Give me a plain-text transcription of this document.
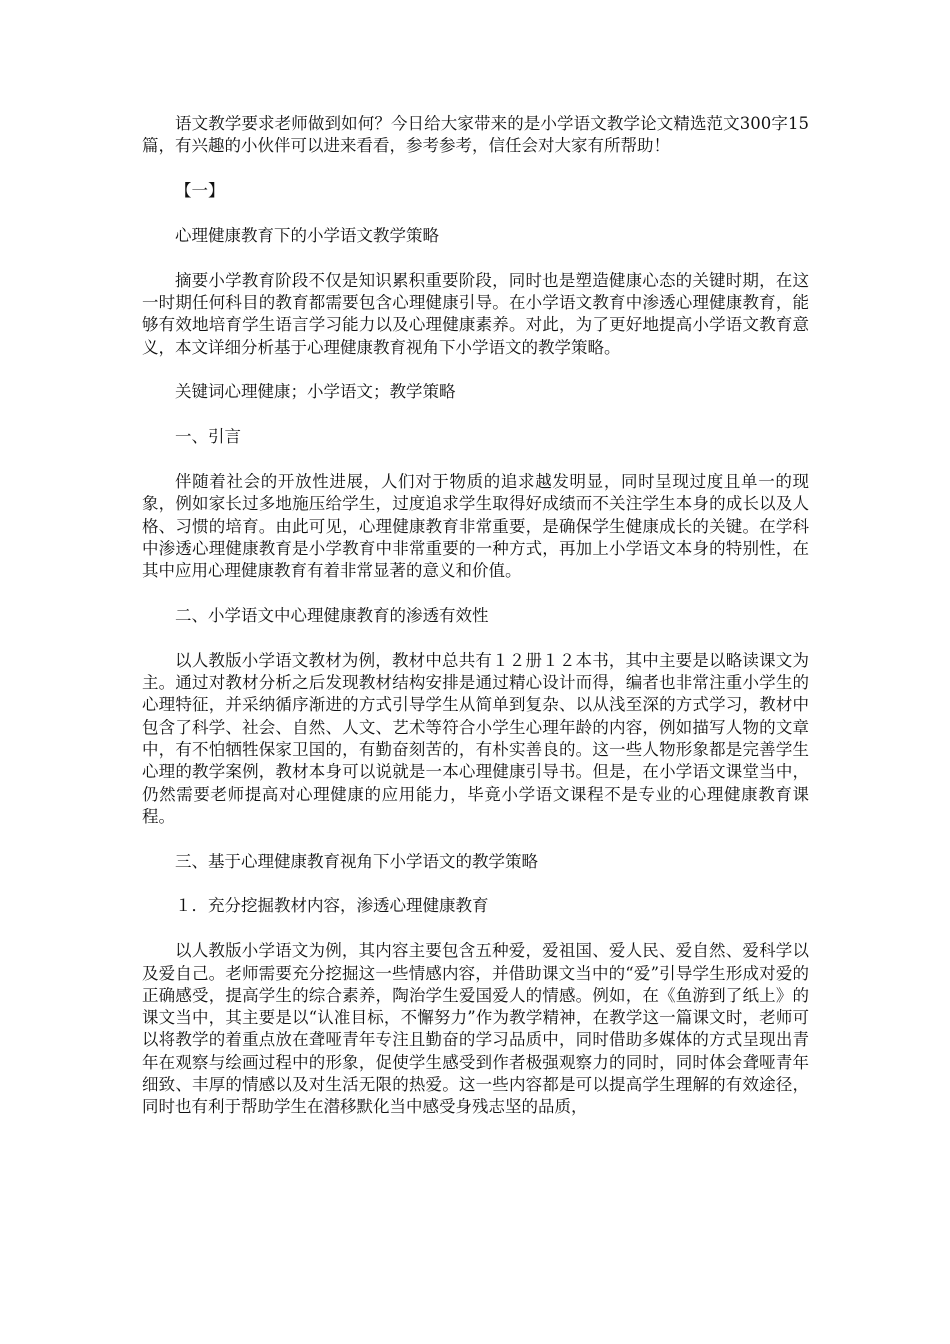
语文教学要求老师做到如何？今日给大家带来的是小学语文教学论文精选范文300字15篇，有兴趣的小伙伴可以进来看看，参考参考，信任会对大家有所帮助！

【一】

心理健康教育下的小学语文教学策略

摘要小学教育阶段不仅是知识累积重要阶段，同时也是塑造健康心态的关键时期，在这一时期任何科目的教育都需要包含心理健康引导。在小学语文教育中渗透心理健康教育，能够有效地培育学生语言学习能力以及心理健康素养。对此，为了更好地提高小学语文教育意义，本文详细分析基于心理健康教育视角下小学语文的教学策略。

关键词心理健康；小学语文；教学策略

一、引言

伴随着社会的开放性进展，人们对于物质的追求越发明显，同时呈现过度且单一的现象，例如家长过多地施压给学生，过度追求学生取得好成绩而不关注学生本身的成长以及人格、习惯的培育。由此可见，心理健康教育非常重要，是确保学生健康成长的关键。在学科中渗透心理健康教育是小学教育中非常重要的一种方式，再加上小学语文本身的特别性，在其中应用心理健康教育有着非常显著的意义和价值。

二、小学语文中心理健康教育的渗透有效性

以人教版小学语文教材为例，教材中总共有１２册１２本书，其中主要是以略读课文为主。通过对教材分析之后发现教材结构安排是通过精心设计而得，编者也非常注重小学生的心理特征，并采纳循序渐进的方式引导学生从简单到复杂、以从浅至深的方式学习，教材中包含了科学、社会、自然、人文、艺术等符合小学生心理年龄的内容，例如描写人物的文章中，有不怕牺牲保家卫国的，有勤奋刻苦的，有朴实善良的。这一些人物形象都是完善学生心理的教学案例，教材本身可以说就是一本心理健康引导书。但是，在小学语文课堂当中，仍然需要老师提高对心理健康的应用能力，毕竟小学语文课程不是专业的心理健康教育课程。

三、基于心理健康教育视角下小学语文的教学策略

１．充分挖掘教材内容，渗透心理健康教育

以人教版小学语文为例，其内容主要包含五种爱，爱祖国、爱人民、爱自然、爱科学以及爱自己。老师需要充分挖掘这一些情感内容，并借助课文当中的“爱”引导学生形成对爱的正确感受，提高学生的综合素养，陶治学生爱国爱人的情感。例如，在《鱼游到了纸上》的课文当中，其主要是以“认准目标，不懈努力”作为教学精神，在教学这一篇课文时，老师可以将教学的着重点放在聋哑青年专注且勤奋的学习品质中，同时借助多媒体的方式呈现出青年在观察与绘画过程中的形象，促使学生感受到作者极强观察力的同时，同时体会聋哑青年细致、丰厚的情感以及对生活无限的热爱。这一些内容都是可以提高学生理解的有效途径，同时也有利于帮助学生在潜移默化当中感受身残志坚的品质，
